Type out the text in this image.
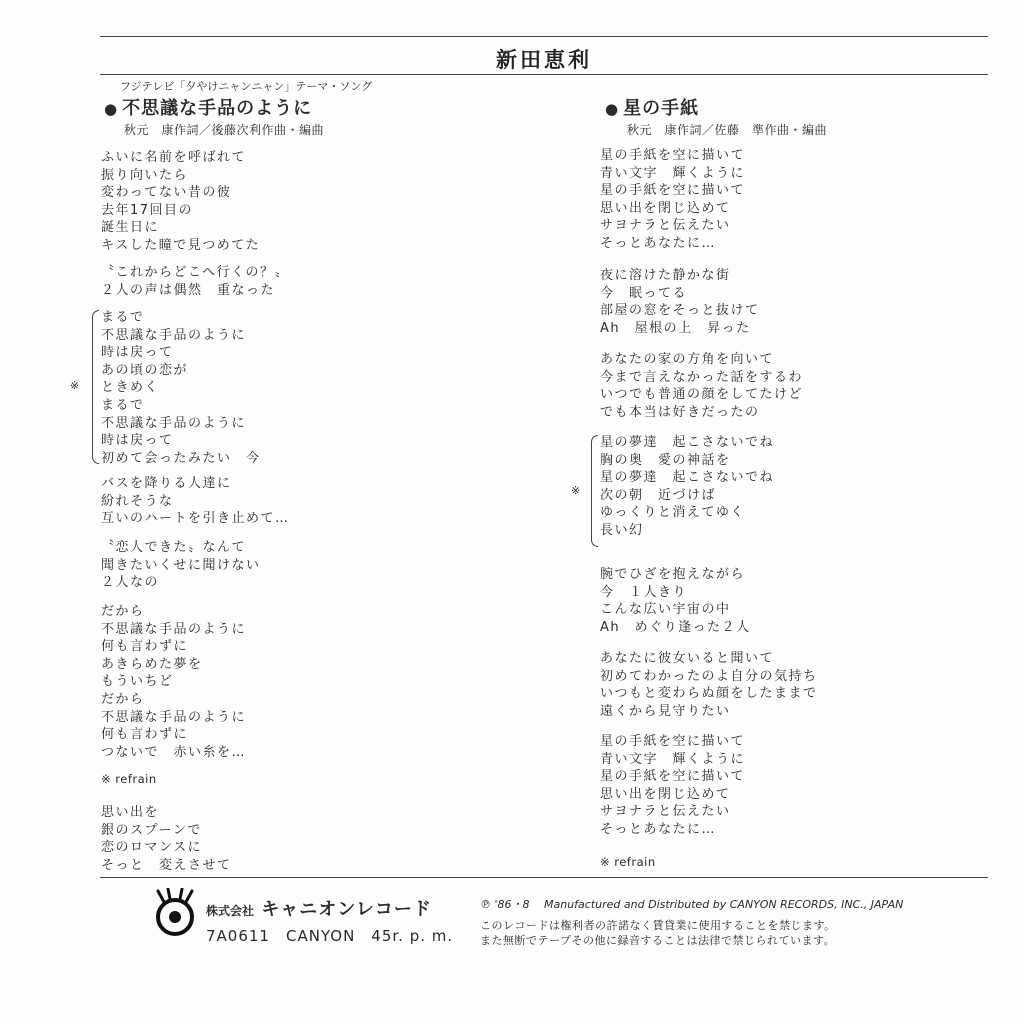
新田恵利
フジテレビ「夕やけニャンニャン」テーマ・ソング
● 不思議な手品のように
秋元　康作詞／後藤次利作曲・編曲
ふいに名前を呼ばれて
振り向いたら
変わってない昔の彼
去年17回目の
誕生日に
キスした瞳で見つめてた
〝これからどこへ行くの？〟
２人の声は偶然　重なった
※
まるで
不思議な手品のように
時は戻って
あの頃の恋が
ときめく
まるで
不思議な手品のように
時は戻って
初めて会ったみたい　今
バスを降りる人達に
紛れそうな
互いのハートを引き止めて…
〝恋人できた〟なんて
聞きたいくせに聞けない
２人なの
だから
不思議な手品のように
何も言わずに
あきらめた夢を
もういちど
だから
不思議な手品のように
何も言わずに
つないで　赤い糸を…
※ refrain
思い出を
銀のスプーンで
恋のロマンスに
そっと　変えさせて
● 星の手紙
秋元　康作詞／佐藤　準作曲・編曲
星の手紙を空に描いて
青い文字　輝くように
星の手紙を空に描いて
思い出を閉じ込めて
サヨナラと伝えたい
そっとあなたに…
夜に溶けた静かな街
今　眠ってる
部屋の窓をそっと抜けて
Ah　屋根の上　昇った
あなたの家の方角を向いて
今まで言えなかった話をするわ
いつでも普通の顔をしてたけど
でも本当は好きだったの
※
星の夢達　起こさないでね
胸の奥　愛の神話を
星の夢達　起こさないでね
次の朝　近づけば
ゆっくりと消えてゆく
長い幻
腕でひざを抱えながら
今　１人きり
こんな広い宇宙の中
Ah　めぐり逢った２人
あなたに彼女いると聞いて
初めてわかったのよ自分の気持ち
いつもと変わらぬ顔をしたままで
遠くから見守りたい
星の手紙を空に描いて
青い文字　輝くように
星の手紙を空に描いて
思い出を閉じ込めて
サヨナラと伝えたい
そっとあなたに…
※ refrain
株式会社 キャニオンレコード
7A0611　CANYON　45r. p. m.
℗ '86・8　 Manufactured and Distributed by CANYON RECORDS, INC., JAPAN
このレコードは権利者の許諾なく賃貸業に使用することを禁じます。
また無断でテープその他に録音することは法律で禁じられています。
